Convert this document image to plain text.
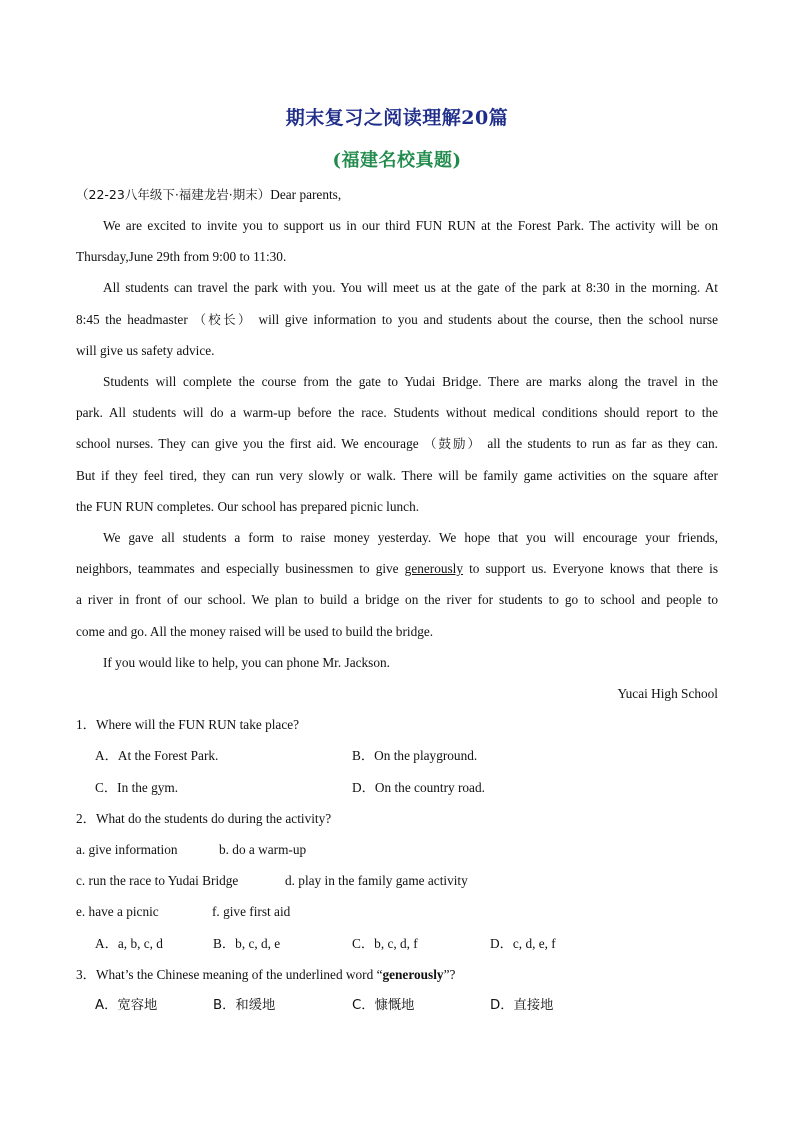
期末复习之阅读理解20篇
(福建名校真题)
（22-23八年级下·福建龙岩·期末）Dear parents,
We are excited to invite you to support us in our third FUN RUN at the Forest Park. The activity will be on
Thursday,June 29th from 9:00 to 11:30.
All students can travel the park with you. You will meet us at the gate of the park at 8:30 in the morning. At
8:45 the headmaster （校长） will give information to you and students about the course, then the school nurse
will give us safety advice.
Students will complete the course from the gate to Yudai Bridge. There are marks along the travel in the
park. All students will do a warm-up before the race. Students without medical conditions should report to the
school nurses. They can give you the first aid. We encourage （鼓励） all the students to run as far as they can.
But if they feel tired, they can run very slowly or walk. There will be family game activities on the square after
the FUN RUN completes. Our school has prepared picnic lunch.
We gave all students a form to raise money yesterday. We hope that you will encourage your friends,
neighbors, teammates and especially businessmen to give generously to support us. Everyone knows that there is
a river in front of our school. We plan to build a bridge on the river for students to go to school and people to
come and go. All the money raised will be used to build the bridge.
If you would like to help, you can phone Mr. Jackson.
Yucai High School
1．Where will the FUN RUN take place?
A．At the Forest Park.	B．On the playground.
C．In the gym.	D．On the country road.
2．What do the students do during the activity?
a. give information	b. do a warm-up
c. run the race to Yudai Bridge	d. play in the family game activity
e. have a picnic	f. give first aid
A．a, b, c, d	B．b, c, d, e	C．b, c, d, f	D．c, d, e, f
3．What’s the Chinese meaning of the underlined word “generously”?
A．宽容地	B．和缓地	C．慷慨地	D．直接地
